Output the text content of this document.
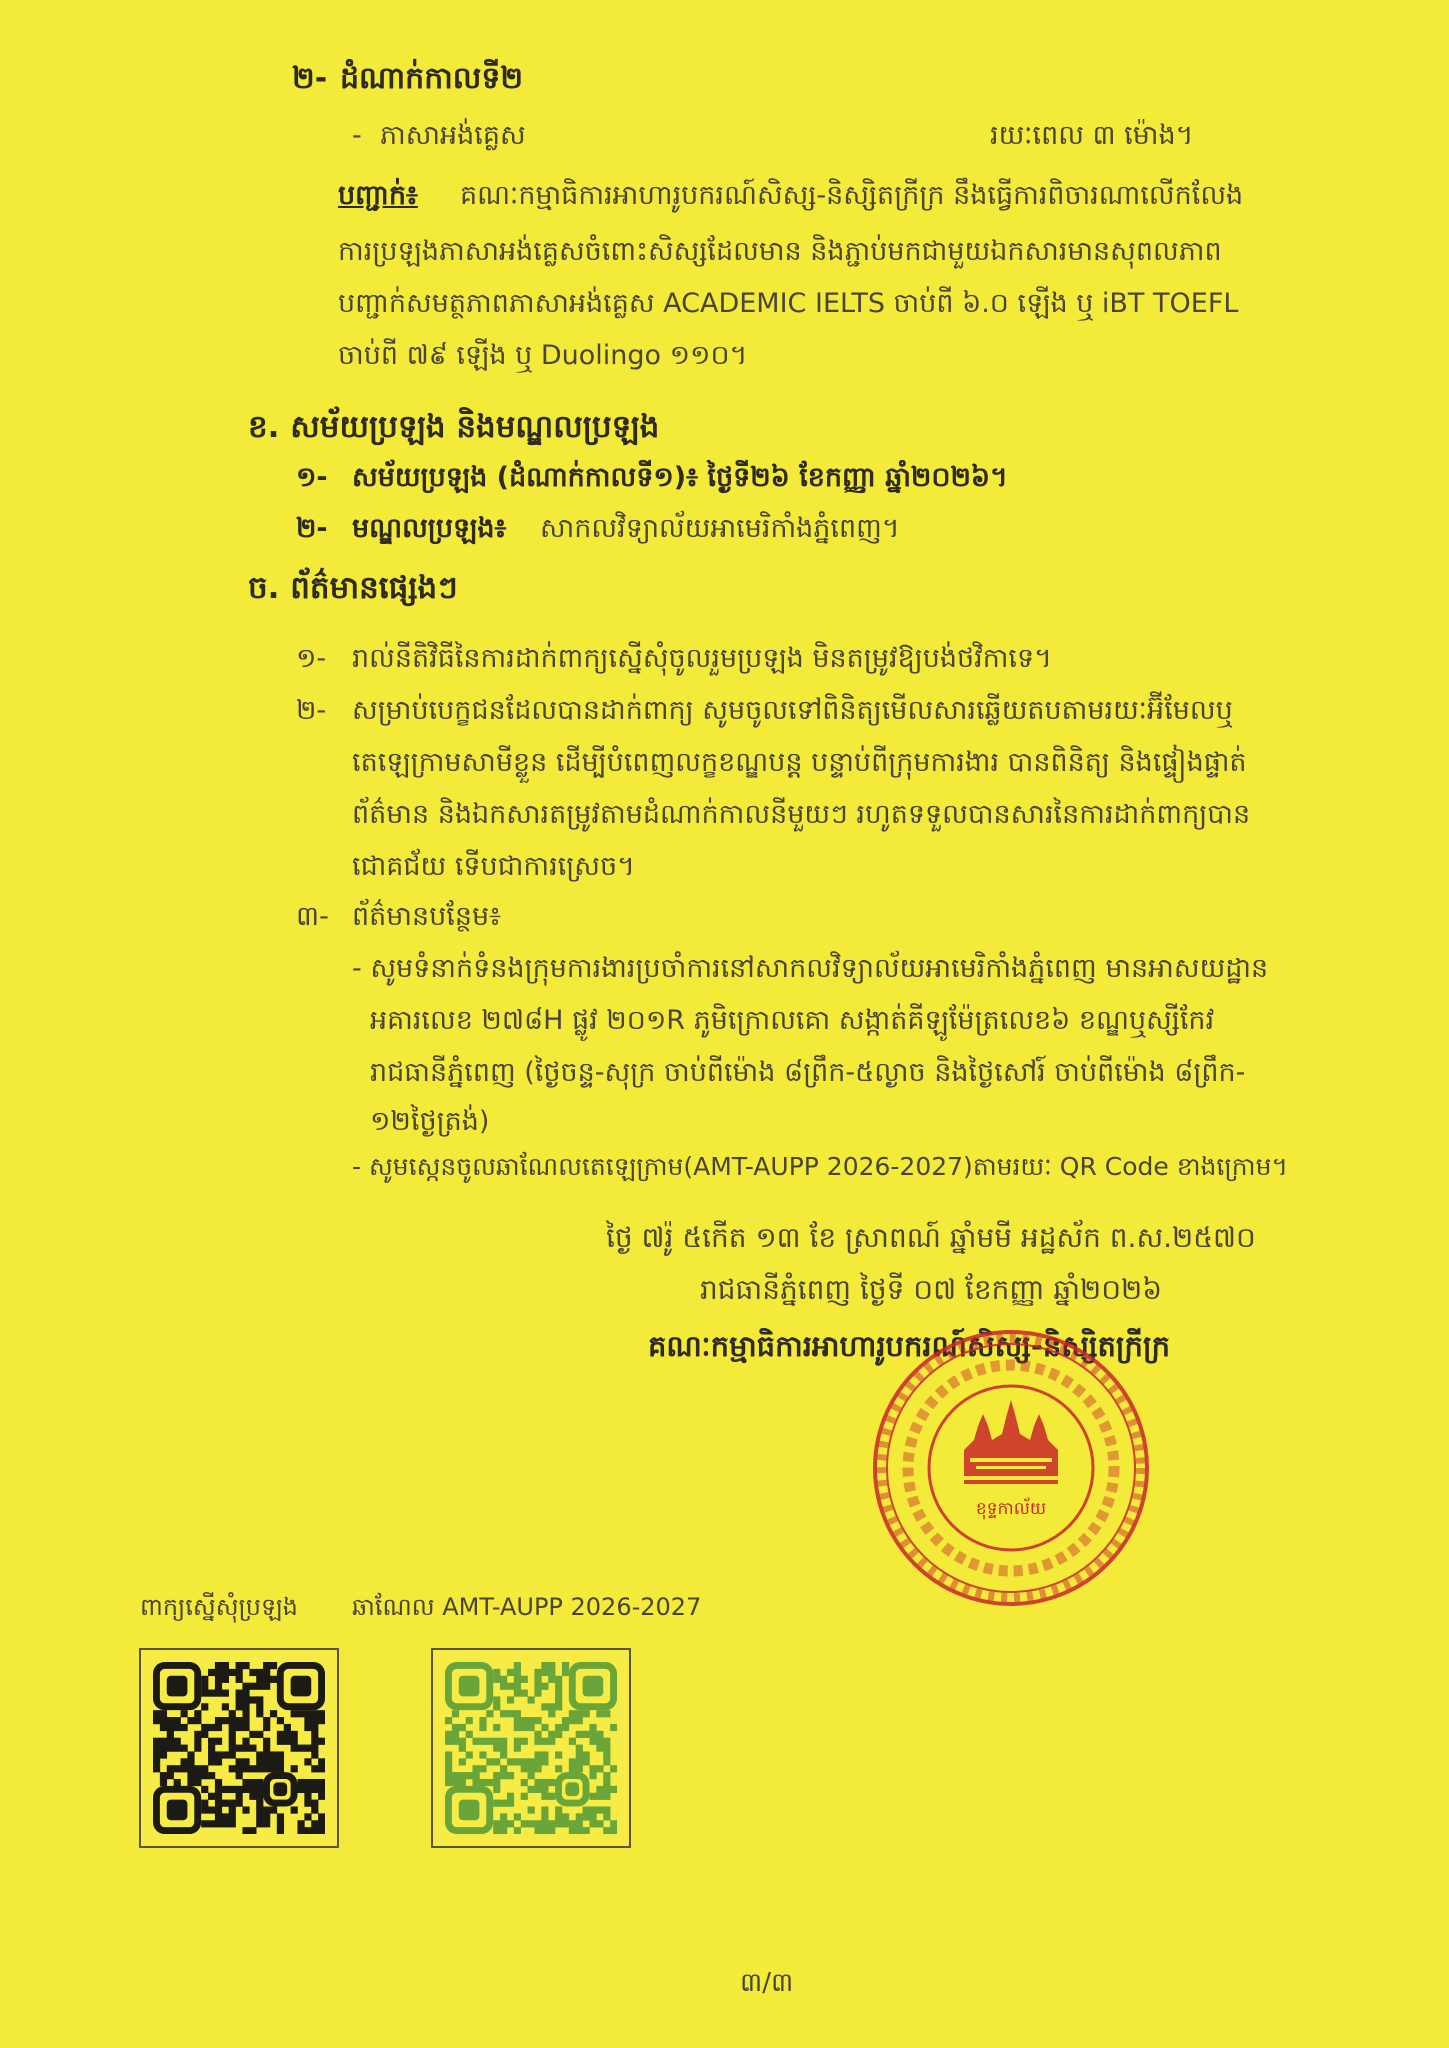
២- ដំណាក់កាលទី២
- ភាសាអង់គ្លេស	រយៈពេល ៣ ម៉ោង។
បញ្ជាក់៖ គណៈកម្មាធិការអាហារូបករណ៍សិស្ស-និស្សិតក្រីក្រ នឹងធ្វើការពិចារណាលើកលែង
ការប្រឡងភាសាអង់គ្លេសចំពោះសិស្សដែលមាន និងភ្ជាប់មកជាមួយឯកសារមានសុពលភាព
បញ្ជាក់សមត្ថភាពភាសាអង់គ្លេស ACADEMIC IELTS ចាប់ពី ៦.០ ឡើង ឬ iBT TOEFL
ចាប់ពី ៧៩ ឡើង ឬ Duolingo ១១០។
ខ. សម័យប្រឡង និងមណ្ឌលប្រឡង
១- សម័យប្រឡង (ដំណាក់កាលទី១)៖ ថ្ងៃទី២៦ ខែកញ្ញា ឆ្នាំ២០២៦។
២- មណ្ឌលប្រឡង៖ សាកលវិទ្យាល័យអាមេរិកាំងភ្នំពេញ។
ច. ព័ត៌មានផ្សេងៗ
១- រាល់នីតិវិធីនៃការដាក់ពាក្យស្នើសុំចូលរួមប្រឡង មិនតម្រូវឱ្យបង់ថវិកាទេ។
២- សម្រាប់បេក្ខជនដែលបានដាក់ពាក្យ សូមចូលទៅពិនិត្យមើលសារឆ្លើយតបតាមរយៈអ៊ីមែលឬ
តេឡេក្រាមសាមីខ្លួន ដើម្បីបំពេញលក្ខខណ្ឌបន្ត បន្ទាប់ពីក្រុមការងារ បានពិនិត្យ និងផ្ទៀងផ្ទាត់
ព័ត៌មាន និងឯកសារតម្រូវតាមដំណាក់កាលនីមួយៗ រហូតទទួលបានសារនៃការដាក់ពាក្យបាន
ជោគជ័យ ទើបជាការស្រេច។
៣- ព័ត៌មានបន្ថែម៖
- សូមទំនាក់ទំនងក្រុមការងារប្រចាំការនៅសាកលវិទ្យាល័យអាមេរិកាំងភ្នំពេញ មានអាសយដ្ឋាន
អគារលេខ ២៧៨H ផ្លូវ ២០១R ភូមិក្រោលគោ សង្កាត់គីឡូម៉ែត្រលេខ៦ ខណ្ឌឬស្សីកែវ
រាជធានីភ្នំពេញ (ថ្ងៃចន្ទ-សុក្រ ចាប់ពីម៉ោង ៨ព្រឹក-៥ល្ងាច និងថ្ងៃសៅរ៍ ចាប់ពីម៉ោង ៨ព្រឹក-
១២ថ្ងៃត្រង់)
- សូមស្កេនចូលឆាណែលតេឡេក្រាម(AMT-AUPP 2026-2027)តាមរយៈ QR Code ខាងក្រោម។
ថ្ងៃ ៧រ៉ូ ៥កើត ១៣ ខែ ស្រាពណ៍ ឆ្នាំមមី អដ្ឋស័ក ព.ស.២៥៧០
រាជធានីភ្នំពេញ ថ្ងៃទី ០៧ ខែកញ្ញា ឆ្នាំ២០២៦
គណៈកម្មាធិការអាហារូបករណ៍សិស្ស-និស្សិតក្រីក្រ
ខុទ្ទកាល័យ
ពាក្យស្នើសុំប្រឡង ឆាណែល AMT-AUPP 2026-2027
៣/៣
